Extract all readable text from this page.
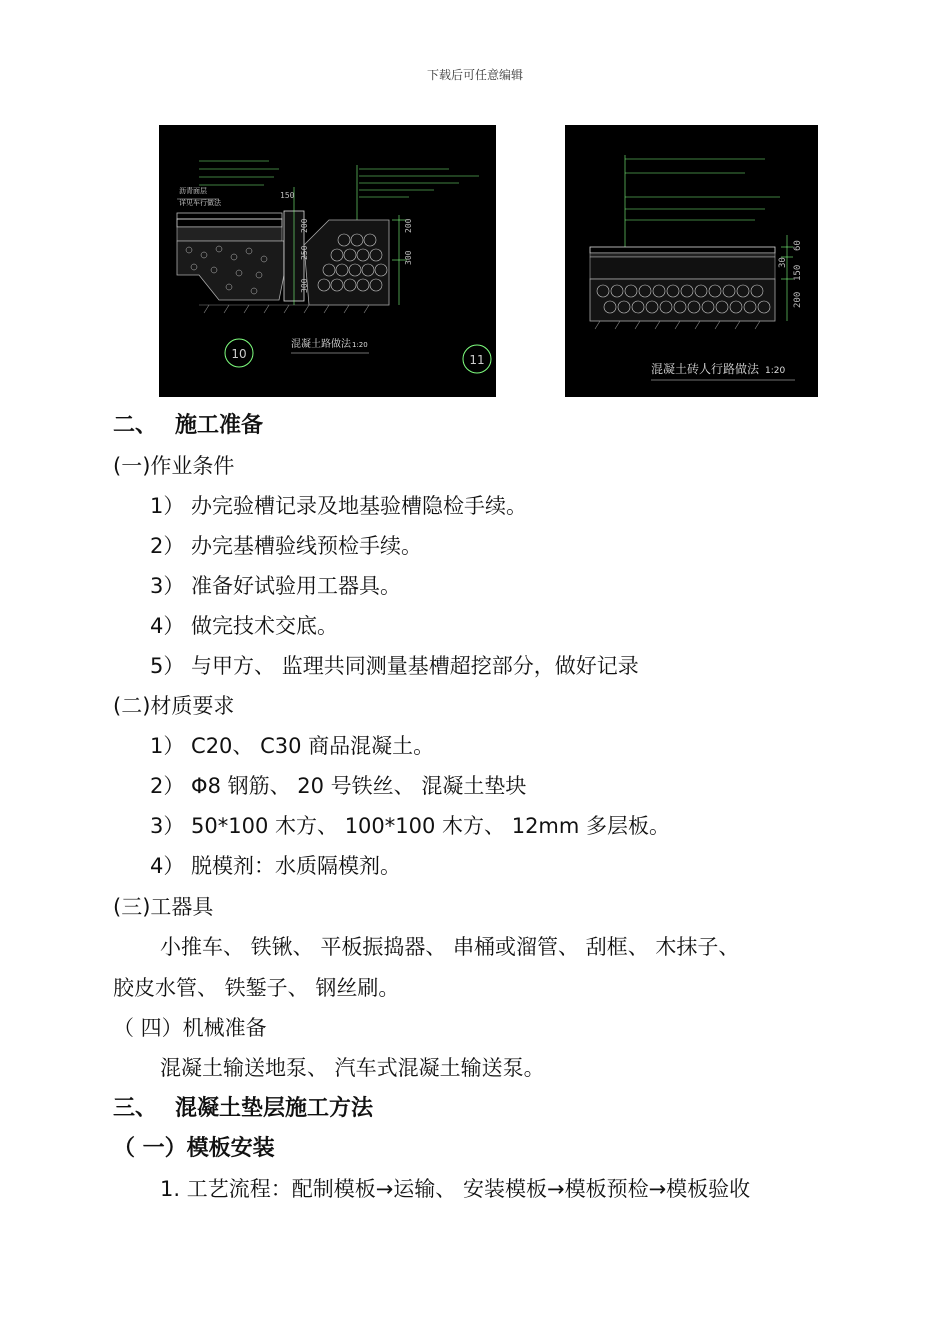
下载后可任意编辑
150
200
250
300
200
300
沥青面层
详见车行做法
10	11
混凝土路做法 1:20
60
30
150
200
混凝土砖人行路做法 1:20
二、 施工准备
(一)作业条件
1） 办完验槽记录及地基验槽隐检手续。
2） 办完基槽验线预检手续。
3） 准备好试验用工器具。
4） 做完技术交底。
5） 与甲方、 监理共同测量基槽超挖部分，做好记录
(二)材质要求
1） C20、 C30 商品混凝土。
2） Φ8 钢筋、 20 号铁丝、 混凝土垫块
3） 50*100 木方、 100*100 木方、 12mm 多层板。
4） 脱模剂：水质隔模剂。
(三)工器具
小推车、 铁锹、 平板振捣器、 串桶或溜管、 刮框、 木抹子、
胶皮水管、 铁錾子、 钢丝刷。
（ 四）机械准备
混凝土输送地泵、 汽车式混凝土输送泵。
三、 混凝土垫层施工方法
（ 一）模板安装
1. 工艺流程：配制模板→运输、 安装模板→模板预检→模板验收
